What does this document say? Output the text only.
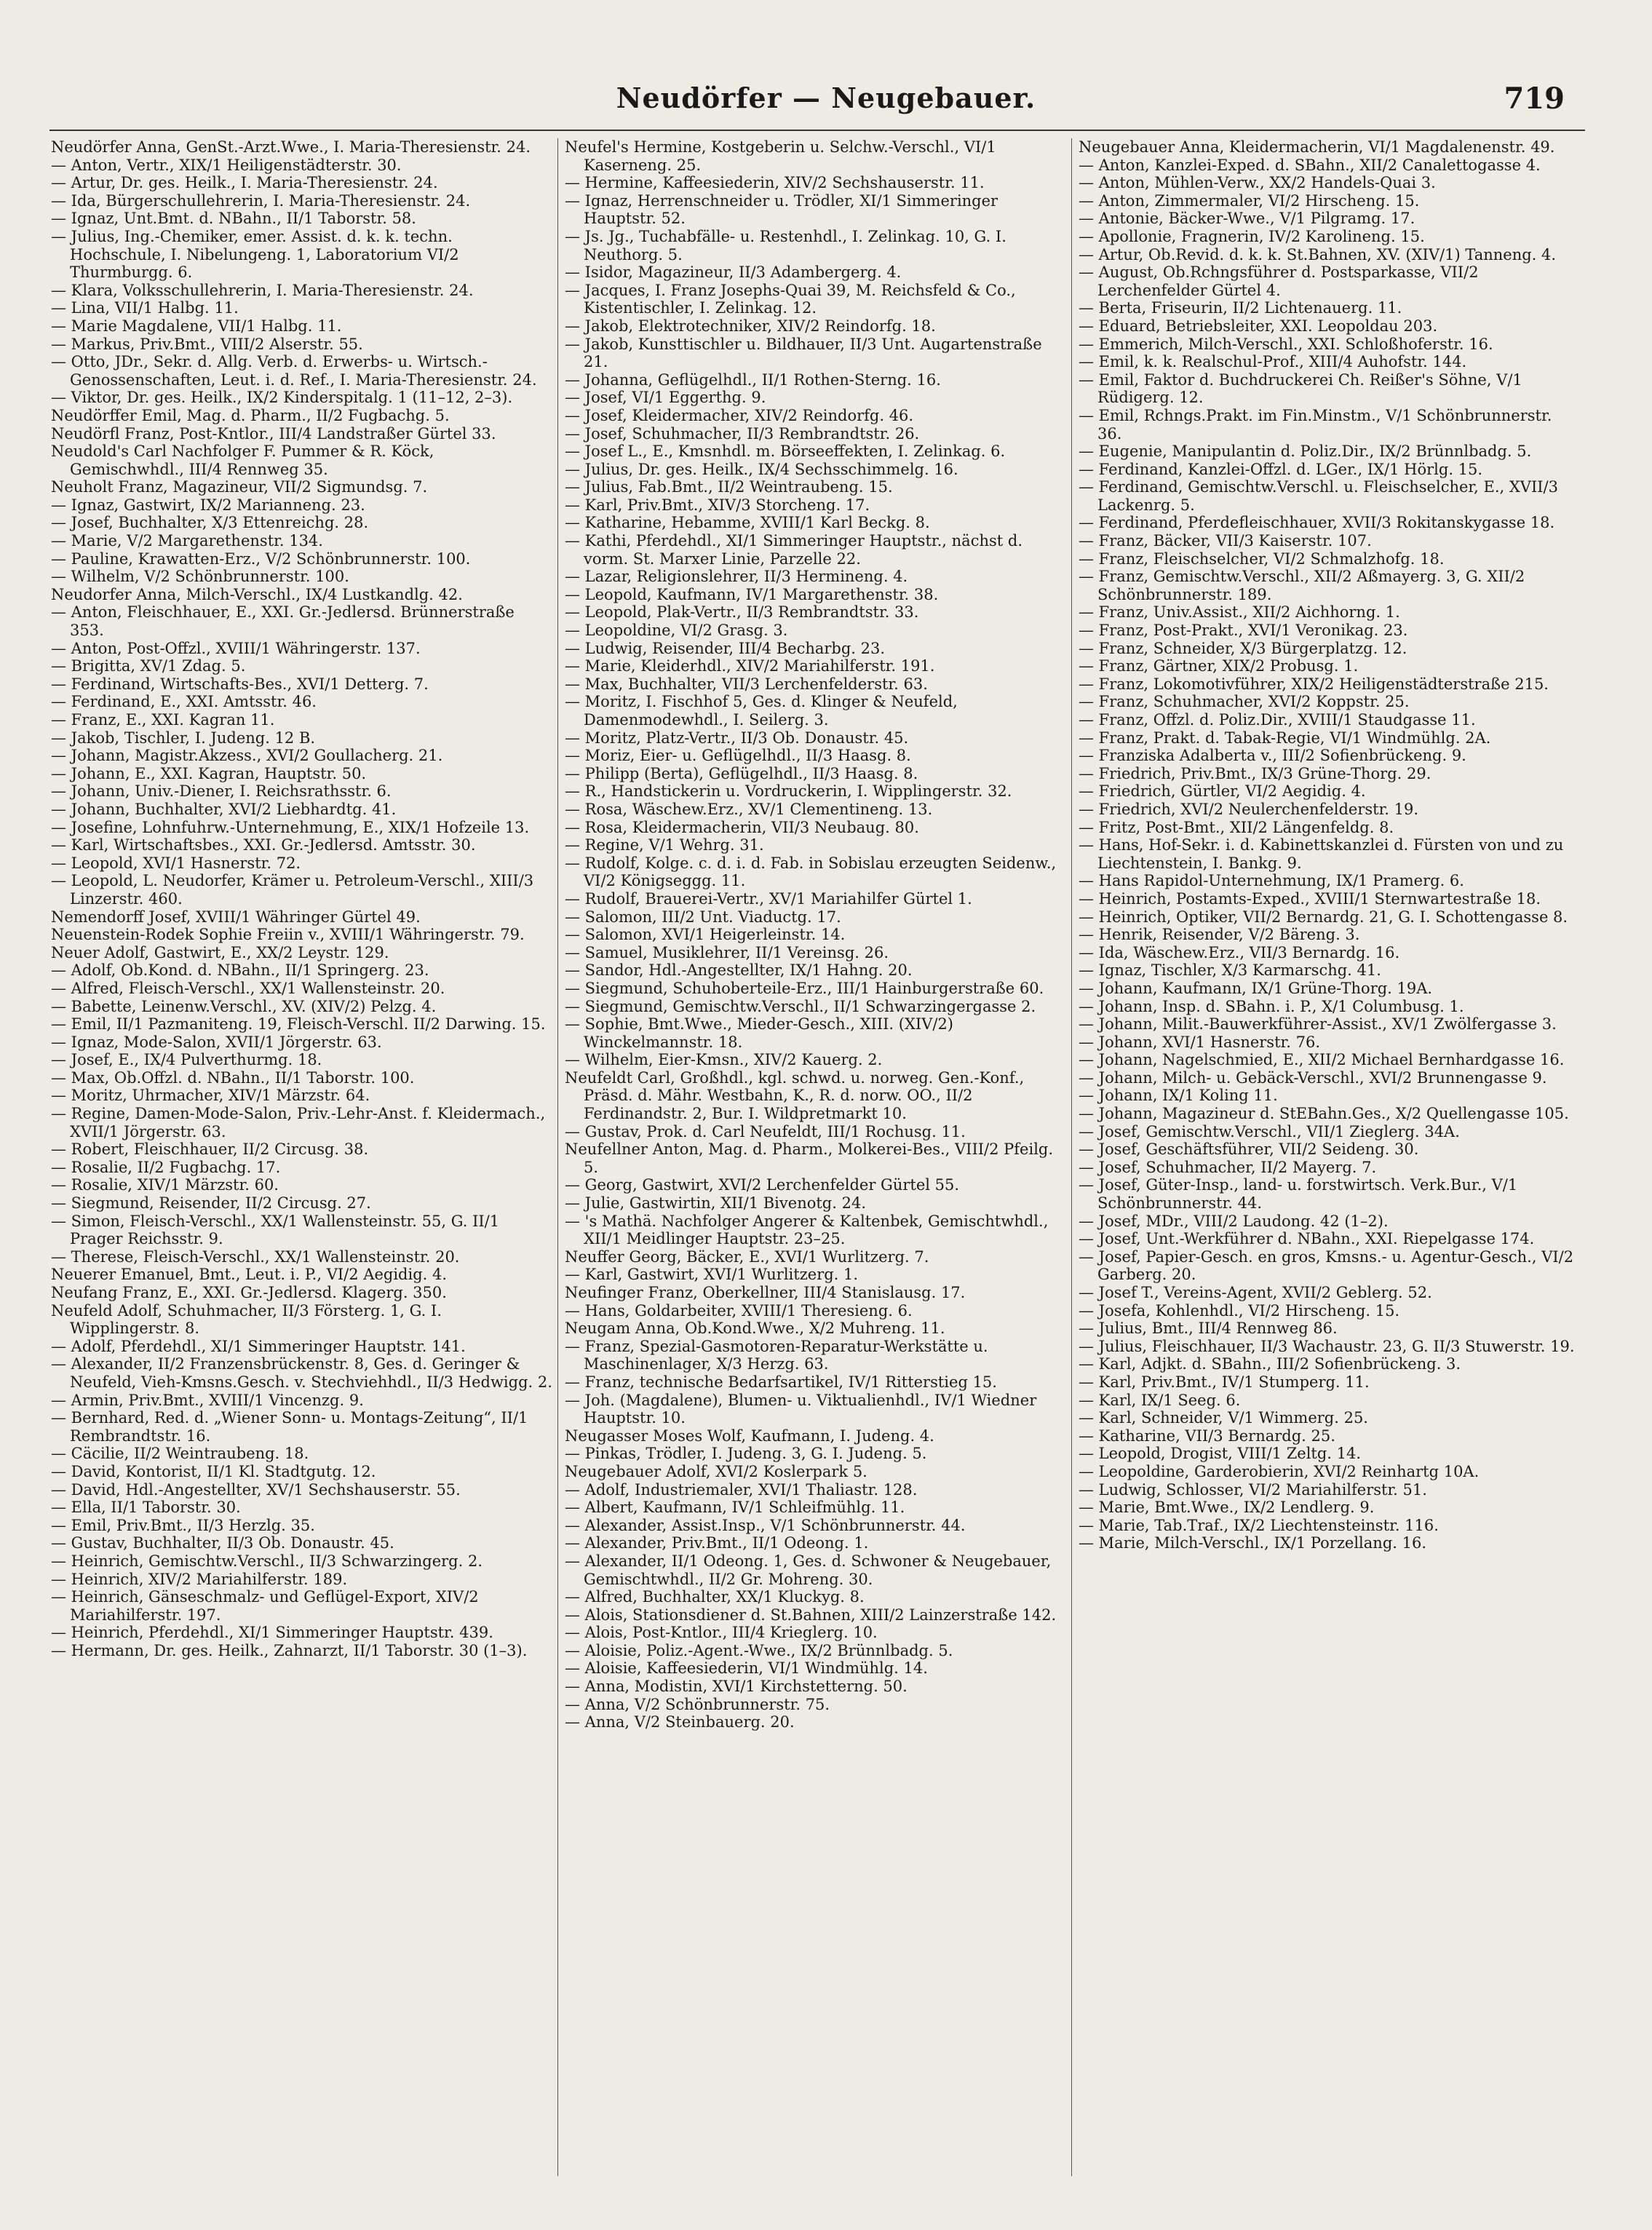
Neudörfer — Neugebauer.	719

Neudörfer Anna, GenSt.-Arzt.Wwe., I. Maria-Theresienstr. 24.

— Anton, Vertr., XIX/1 Heiligenstädterstr. 30.

— Artur, Dr. ges. Heilk., I. Maria-Theresienstr. 24.

— Ida, Bürgerschullehrerin, I. Maria-Theresienstr. 24.

— Ignaz, Unt.Bmt. d. NBahn., II/1 Taborstr. 58.

— Julius, Ing.-Chemiker, emer. Assist. d. k. k. techn. Hochschule, I. Nibelungeng. 1, Laboratorium VI/2 Thurmburgg. 6.

— Klara, Volksschullehrerin, I. Maria-Theresienstr. 24.

— Lina, VII/1 Halbg. 11.

— Marie Magdalene, VII/1 Halbg. 11.

— Markus, Priv.Bmt., VIII/2 Alserstr. 55.

— Otto, JDr., Sekr. d. Allg. Verb. d. Erwerbs- u. Wirtsch.-Genossenschaften, Leut. i. d. Ref., I. Maria-Theresienstr. 24.

— Viktor, Dr. ges. Heilk., IX/2 Kinderspitalg. 1 (11–12, 2–3).

Neudörffer Emil, Mag. d. Pharm., II/2 Fugbachg. 5.

Neudörfl Franz, Post-Kntlor., III/4 Landstraßer Gürtel 33.

Neudold's Carl Nachfolger F. Pummer & R. Köck, Gemischwhdl., III/4 Rennweg 35.

Neuholt Franz, Magazineur, VII/2 Sigmundsg. 7.

— Ignaz, Gastwirt, IX/2 Marianneng. 23.

— Josef, Buchhalter, X/3 Ettenreichg. 28.

— Marie, V/2 Margarethenstr. 134.

— Pauline, Krawatten-Erz., V/2 Schönbrunnerstr. 100.

— Wilhelm, V/2 Schönbrunnerstr. 100.

Neudorfer Anna, Milch-Verschl., IX/4 Lustkandlg. 42.

— Anton, Fleischhauer, E., XXI. Gr.-Jedlersd. Brünnerstraße 353.

— Anton, Post-Offzl., XVIII/1 Währingerstr. 137.

— Brigitta, XV/1 Zdag. 5.

— Ferdinand, Wirtschafts-Bes., XVI/1 Detterg. 7.

— Ferdinand, E., XXI. Amtsstr. 46.

— Franz, E., XXI. Kagran 11.

— Jakob, Tischler, I. Judeng. 12 B.

— Johann, Magistr.Akzess., XVI/2 Goullacherg. 21.

— Johann, E., XXI. Kagran, Hauptstr. 50.

— Johann, Univ.-Diener, I. Reichsrathsstr. 6.

— Johann, Buchhalter, XVI/2 Liebhardtg. 41.

— Josefine, Lohnfuhrw.-Unternehmung, E., XIX/1 Hofzeile 13.

— Karl, Wirtschaftsbes., XXI. Gr.-Jedlersd. Amtsstr. 30.

— Leopold, XVI/1 Hasnerstr. 72.

— Leopold, L. Neudorfer, Krämer u. Petroleum-Verschl., XIII/3 Linzerstr. 460.

Nemendorff Josef, XVIII/1 Währinger Gürtel 49.

Neuenstein-Rodek Sophie Freiin v., XVIII/1 Währingerstr. 79.

Neuer Adolf, Gastwirt, E., XX/2 Leystr. 129.

— Adolf, Ob.Kond. d. NBahn., II/1 Springerg. 23.

— Alfred, Fleisch-Verschl., XX/1 Wallensteinstr. 20.

— Babette, Leinenw.Verschl., XV. (XIV/2) Pelzg. 4.

— Emil, II/1 Pazmaniteng. 19, Fleisch-Verschl. II/2 Darwing. 15.

— Ignaz, Mode-Salon, XVII/1 Jörgerstr. 63.

— Josef, E., IX/4 Pulverthurmg. 18.

— Max, Ob.Offzl. d. NBahn., II/1 Taborstr. 100.

— Moritz, Uhrmacher, XIV/1 Märzstr. 64.

— Regine, Damen-Mode-Salon, Priv.-Lehr-Anst. f. Kleidermach., XVII/1 Jörgerstr. 63.

— Robert, Fleischhauer, II/2 Circusg. 38.

— Rosalie, II/2 Fugbachg. 17.

— Rosalie, XIV/1 Märzstr. 60.

— Siegmund, Reisender, II/2 Circusg. 27.

— Simon, Fleisch-Verschl., XX/1 Wallensteinstr. 55, G. II/1 Prager Reichsstr. 9.

— Therese, Fleisch-Verschl., XX/1 Wallensteinstr. 20.

Neuerer Emanuel, Bmt., Leut. i. P., VI/2 Aegidig. 4.

Neufang Franz, E., XXI. Gr.-Jedlersd. Klagerg. 350.

Neufeld Adolf, Schuhmacher, II/3 Försterg. 1, G. I. Wipplingerstr. 8.

— Adolf, Pferdehdl., XI/1 Simmeringer Hauptstr. 141.

— Alexander, II/2 Franzensbrückenstr. 8, Ges. d. Geringer & Neufeld, Vieh-Kmsns.Gesch. v. Stechviehhdl., II/3 Hedwigg. 2.

— Armin, Priv.Bmt., XVIII/1 Vincenzg. 9.

— Bernhard, Red. d. „Wiener Sonn- u. Montags-Zeitung“, II/1 Rembrandtstr. 16.

— Cäcilie, II/2 Weintraubeng. 18.

— David, Kontorist, II/1 Kl. Stadtgutg. 12.

— David, Hdl.-Angestellter, XV/1 Sechshauserstr. 55.

— Ella, II/1 Taborstr. 30.

— Emil, Priv.Bmt., II/3 Herzlg. 35.

— Gustav, Buchhalter, II/3 Ob. Donaustr. 45.

— Heinrich, Gemischtw.Verschl., II/3 Schwarzingerg. 2.

— Heinrich, XIV/2 Mariahilferstr. 189.

— Heinrich, Gänseschmalz- und Geflügel-Export, XIV/2 Mariahilferstr. 197.

— Heinrich, Pferdehdl., XI/1 Simmeringer Hauptstr. 439.

— Hermann, Dr. ges. Heilk., Zahnarzt, II/1 Taborstr. 30 (1–3).

Neufel's Hermine, Kostgeberin u. Selchw.-Verschl., VI/1 Kaserneng. 25.

— Hermine, Kaffeesiederin, XIV/2 Sechshauserstr. 11.

— Ignaz, Herrenschneider u. Trödler, XI/1 Simmeringer Hauptstr. 52.

— Js. Jg., Tuchabfälle- u. Restenhdl., I. Zelinkag. 10, G. I. Neuthorg. 5.

— Isidor, Magazineur, II/3 Adambergerg. 4.

— Jacques, I. Franz Josephs-Quai 39, M. Reichsfeld & Co., Kistentischler, I. Zelinkag. 12.

— Jakob, Elektrotechniker, XIV/2 Reindorfg. 18.

— Jakob, Kunsttischler u. Bildhauer, II/3 Unt. Augartenstraße 21.

— Johanna, Geflügelhdl., II/1 Rothen-Sterng. 16.

— Josef, VI/1 Eggerthg. 9.

— Josef, Kleidermacher, XIV/2 Reindorfg. 46.

— Josef, Schuhmacher, II/3 Rembrandtstr. 26.

— Josef L., E., Kmsnhdl. m. Börseeffekten, I. Zelinkag. 6.

— Julius, Dr. ges. Heilk., IX/4 Sechsschimmelg. 16.

— Julius, Fab.Bmt., II/2 Weintraubeng. 15.

— Karl, Priv.Bmt., XIV/3 Storcheng. 17.

— Katharine, Hebamme, XVIII/1 Karl Beckg. 8.

— Kathi, Pferdehdl., XI/1 Simmeringer Hauptstr., nächst d. vorm. St. Marxer Linie, Parzelle 22.

— Lazar, Religionslehrer, II/3 Hermineng. 4.

— Leopold, Kaufmann, IV/1 Margarethenstr. 38.

— Leopold, Plak-Vertr., II/3 Rembrandtstr. 33.

— Leopoldine, VI/2 Grasg. 3.

— Ludwig, Reisender, III/4 Becharbg. 23.

— Marie, Kleiderhdl., XIV/2 Mariahilferstr. 191.

— Max, Buchhalter, VII/3 Lerchenfelderstr. 63.

— Moritz, I. Fischhof 5, Ges. d. Klinger & Neufeld, Damenmodewhdl., I. Seilerg. 3.

— Moritz, Platz-Vertr., II/3 Ob. Donaustr. 45.

— Moriz, Eier- u. Geflügelhdl., II/3 Haasg. 8.

— Philipp (Berta), Geflügelhdl., II/3 Haasg. 8.

— R., Handstickerin u. Vordruckerin, I. Wipplingerstr. 32.

— Rosa, Wäschew.Erz., XV/1 Clementineng. 13.

— Rosa, Kleidermacherin, VII/3 Neubaug. 80.

— Regine, V/1 Wehrg. 31.

— Rudolf, Kolge. c. d. i. d. Fab. in Sobislau erzeugten Seidenw., VI/2 Königseggg. 11.

— Rudolf, Brauerei-Vertr., XV/1 Mariahilfer Gürtel 1.

— Salomon, III/2 Unt. Viaductg. 17.

— Salomon, XVI/1 Heigerleinstr. 14.

— Samuel, Musiklehrer, II/1 Vereinsg. 26.

— Sandor, Hdl.-Angestellter, IX/1 Hahng. 20.

— Siegmund, Schuhoberteile-Erz., III/1 Hainburgerstraße 60.

— Siegmund, Gemischtw.Verschl., II/1 Schwarzingergasse 2.

— Sophie, Bmt.Wwe., Mieder-Gesch., XIII. (XIV/2) Winckelmannstr. 18.

— Wilhelm, Eier-Kmsn., XIV/2 Kauerg. 2.

Neufeldt Carl, Großhdl., kgl. schwd. u. norweg. Gen.-Konf., Präsd. d. Mähr. Westbahn, K., R. d. norw. OO., II/2 Ferdinandstr. 2, Bur. I. Wildpretmarkt 10.

— Gustav, Prok. d. Carl Neufeldt, III/1 Rochusg. 11.

Neufellner Anton, Mag. d. Pharm., Molkerei-Bes., VIII/2 Pfeilg. 5.

— Georg, Gastwirt, XVI/2 Lerchenfelder Gürtel 55.

— Julie, Gastwirtin, XII/1 Bivenotg. 24.

— 's Mathä. Nachfolger Angerer & Kaltenbek, Gemischtwhdl., XII/1 Meidlinger Hauptstr. 23–25.

Neuffer Georg, Bäcker, E., XVI/1 Wurlitzerg. 7.

— Karl, Gastwirt, XVI/1 Wurlitzerg. 1.

Neufinger Franz, Oberkellner, III/4 Stanislausg. 17.

— Hans, Goldarbeiter, XVIII/1 Theresieng. 6.

Neugam Anna, Ob.Kond.Wwe., X/2 Muhreng. 11.

— Franz, Spezial-Gasmotoren-Reparatur-Werkstätte u. Maschinenlager, X/3 Herzg. 63.

— Franz, technische Bedarfsartikel, IV/1 Ritterstieg 15.

— Joh. (Magdalene), Blumen- u. Viktualienhdl., IV/1 Wiedner Hauptstr. 10.

Neugasser Moses Wolf, Kaufmann, I. Judeng. 4.

— Pinkas, Trödler, I. Judeng. 3, G. I. Judeng. 5.

Neugebauer Adolf, XVI/2 Koslerpark 5.

— Adolf, Industriemaler, XVI/1 Thaliastr. 128.

— Albert, Kaufmann, IV/1 Schleifmühlg. 11.

— Alexander, Assist.Insp., V/1 Schönbrunnerstr. 44.

— Alexander, Priv.Bmt., II/1 Odeong. 1.

— Alexander, II/1 Odeong. 1, Ges. d. Schwoner & Neugebauer, Gemischtwhdl., II/2 Gr. Mohreng. 30.

— Alfred, Buchhalter, XX/1 Kluckyg. 8.

— Alois, Stationsdiener d. St.Bahnen, XIII/2 Lainzerstraße 142.

— Alois, Post-Kntlor., III/4 Krieglerg. 10.

— Aloisie, Poliz.-Agent.-Wwe., IX/2 Brünnlbadg. 5.

— Aloisie, Kaffeesiederin, VI/1 Windmühlg. 14.

— Anna, Modistin, XVI/1 Kirchstetterng. 50.

— Anna, V/2 Schönbrunnerstr. 75.

— Anna, V/2 Steinbauerg. 20.

Neugebauer Anna, Kleidermacherin, VI/1 Magdalenenstr. 49.

— Anton, Kanzlei-Exped. d. SBahn., XII/2 Canalettogasse 4.

— Anton, Mühlen-Verw., XX/2 Handels-Quai 3.

— Anton, Zimmermaler, VI/2 Hirscheng. 15.

— Antonie, Bäcker-Wwe., V/1 Pilgramg. 17.

— Apollonie, Fragnerin, IV/2 Karolineng. 15.

— Artur, Ob.Revid. d. k. k. St.Bahnen, XV. (XIV/1) Tanneng. 4.

— August, Ob.Rchngsführer d. Postsparkasse, VII/2 Lerchenfelder Gürtel 4.

— Berta, Friseurin, II/2 Lichtenauerg. 11.

— Eduard, Betriebsleiter, XXI. Leopoldau 203.

— Emmerich, Milch-Verschl., XXI. Schloßhoferstr. 16.

— Emil, k. k. Realschul-Prof., XIII/4 Auhofstr. 144.

— Emil, Faktor d. Buchdruckerei Ch. Reißer's Söhne, V/1 Rüdigerg. 12.

— Emil, Rchngs.Prakt. im Fin.Minstm., V/1 Schönbrunnerstr. 36.

— Eugenie, Manipulantin d. Poliz.Dir., IX/2 Brünnlbadg. 5.

— Ferdinand, Kanzlei-Offzl. d. LGer., IX/1 Hörlg. 15.

— Ferdinand, Gemischtw.Verschl. u. Fleischselcher, E., XVII/3 Lackenrg. 5.

— Ferdinand, Pferdefleischhauer, XVII/3 Rokitanskygasse 18.

— Franz, Bäcker, VII/3 Kaiserstr. 107.

— Franz, Fleischselcher, VI/2 Schmalzhofg. 18.

— Franz, Gemischtw.Verschl., XII/2 Aßmayerg. 3, G. XII/2 Schönbrunnerstr. 189.

— Franz, Univ.Assist., XII/2 Aichhorng. 1.

— Franz, Post-Prakt., XVI/1 Veronikag. 23.

— Franz, Schneider, X/3 Bürgerplatzg. 12.

— Franz, Gärtner, XIX/2 Probusg. 1.

— Franz, Lokomotivführer, XIX/2 Heiligenstädterstraße 215.

— Franz, Schuhmacher, XVI/2 Koppstr. 25.

— Franz, Offzl. d. Poliz.Dir., XVIII/1 Staudgasse 11.

— Franz, Prakt. d. Tabak-Regie, VI/1 Windmühlg. 2A.

— Franziska Adalberta v., III/2 Sofienbrückeng. 9.

— Friedrich, Priv.Bmt., IX/3 Grüne-Thorg. 29.

— Friedrich, Gürtler, VI/2 Aegidig. 4.

— Friedrich, XVI/2 Neulerchenfelderstr. 19.

— Fritz, Post-Bmt., XII/2 Längenfeldg. 8.

— Hans, Hof-Sekr. i. d. Kabinettskanzlei d. Fürsten von und zu Liechtenstein, I. Bankg. 9.

— Hans Rapidol-Unternehmung, IX/1 Pramerg. 6.

— Heinrich, Postamts-Exped., XVIII/1 Sternwartestraße 18.

— Heinrich, Optiker, VII/2 Bernardg. 21, G. I. Schottengasse 8.

— Henrik, Reisender, V/2 Bäreng. 3.

— Ida, Wäschew.Erz., VII/3 Bernardg. 16.

— Ignaz, Tischler, X/3 Karmarschg. 41.

— Johann, Kaufmann, IX/1 Grüne-Thorg. 19A.

— Johann, Insp. d. SBahn. i. P., X/1 Columbusg. 1.

— Johann, Milit.-Bauwerkführer-Assist., XV/1 Zwölfergasse 3.

— Johann, XVI/1 Hasnerstr. 76.

— Johann, Nagelschmied, E., XII/2 Michael Bernhardgasse 16.

— Johann, Milch- u. Gebäck-Verschl., XVI/2 Brunnengasse 9.

— Johann, IX/1 Koling 11.

— Johann, Magazineur d. StEBahn.Ges., X/2 Quellengasse 105.

— Josef, Gemischtw.Verschl., VII/1 Zieglerg. 34A.

— Josef, Geschäftsführer, VII/2 Seideng. 30.

— Josef, Schuhmacher, II/2 Mayerg. 7.

— Josef, Güter-Insp., land- u. forstwirtsch. Verk.Bur., V/1 Schönbrunnerstr. 44.

— Josef, MDr., VIII/2 Laudong. 42 (1–2).

— Josef, Unt.-Werkführer d. NBahn., XXI. Riepelgasse 174.

— Josef, Papier-Gesch. en gros, Kmsns.- u. Agentur-Gesch., VI/2 Garberg. 20.

— Josef T., Vereins-Agent, XVII/2 Geblerg. 52.

— Josefa, Kohlenhdl., VI/2 Hirscheng. 15.

— Julius, Bmt., III/4 Rennweg 86.

— Julius, Fleischhauer, II/3 Wachaustr. 23, G. II/3 Stuwerstr. 19.

— Karl, Adjkt. d. SBahn., III/2 Sofienbrückeng. 3.

— Karl, Priv.Bmt., IV/1 Stumperg. 11.

— Karl, IX/1 Seeg. 6.

— Karl, Schneider, V/1 Wimmerg. 25.

— Katharine, VII/3 Bernardg. 25.

— Leopold, Drogist, VIII/1 Zeltg. 14.

— Leopoldine, Garderobierin, XVI/2 Reinhartg 10A.

— Ludwig, Schlosser, VI/2 Mariahilferstr. 51.

— Marie, Bmt.Wwe., IX/2 Lendlerg. 9.

— Marie, Tab.Traf., IX/2 Liechtensteinstr. 116.

— Marie, Milch-Verschl., IX/1 Porzellang. 16.
